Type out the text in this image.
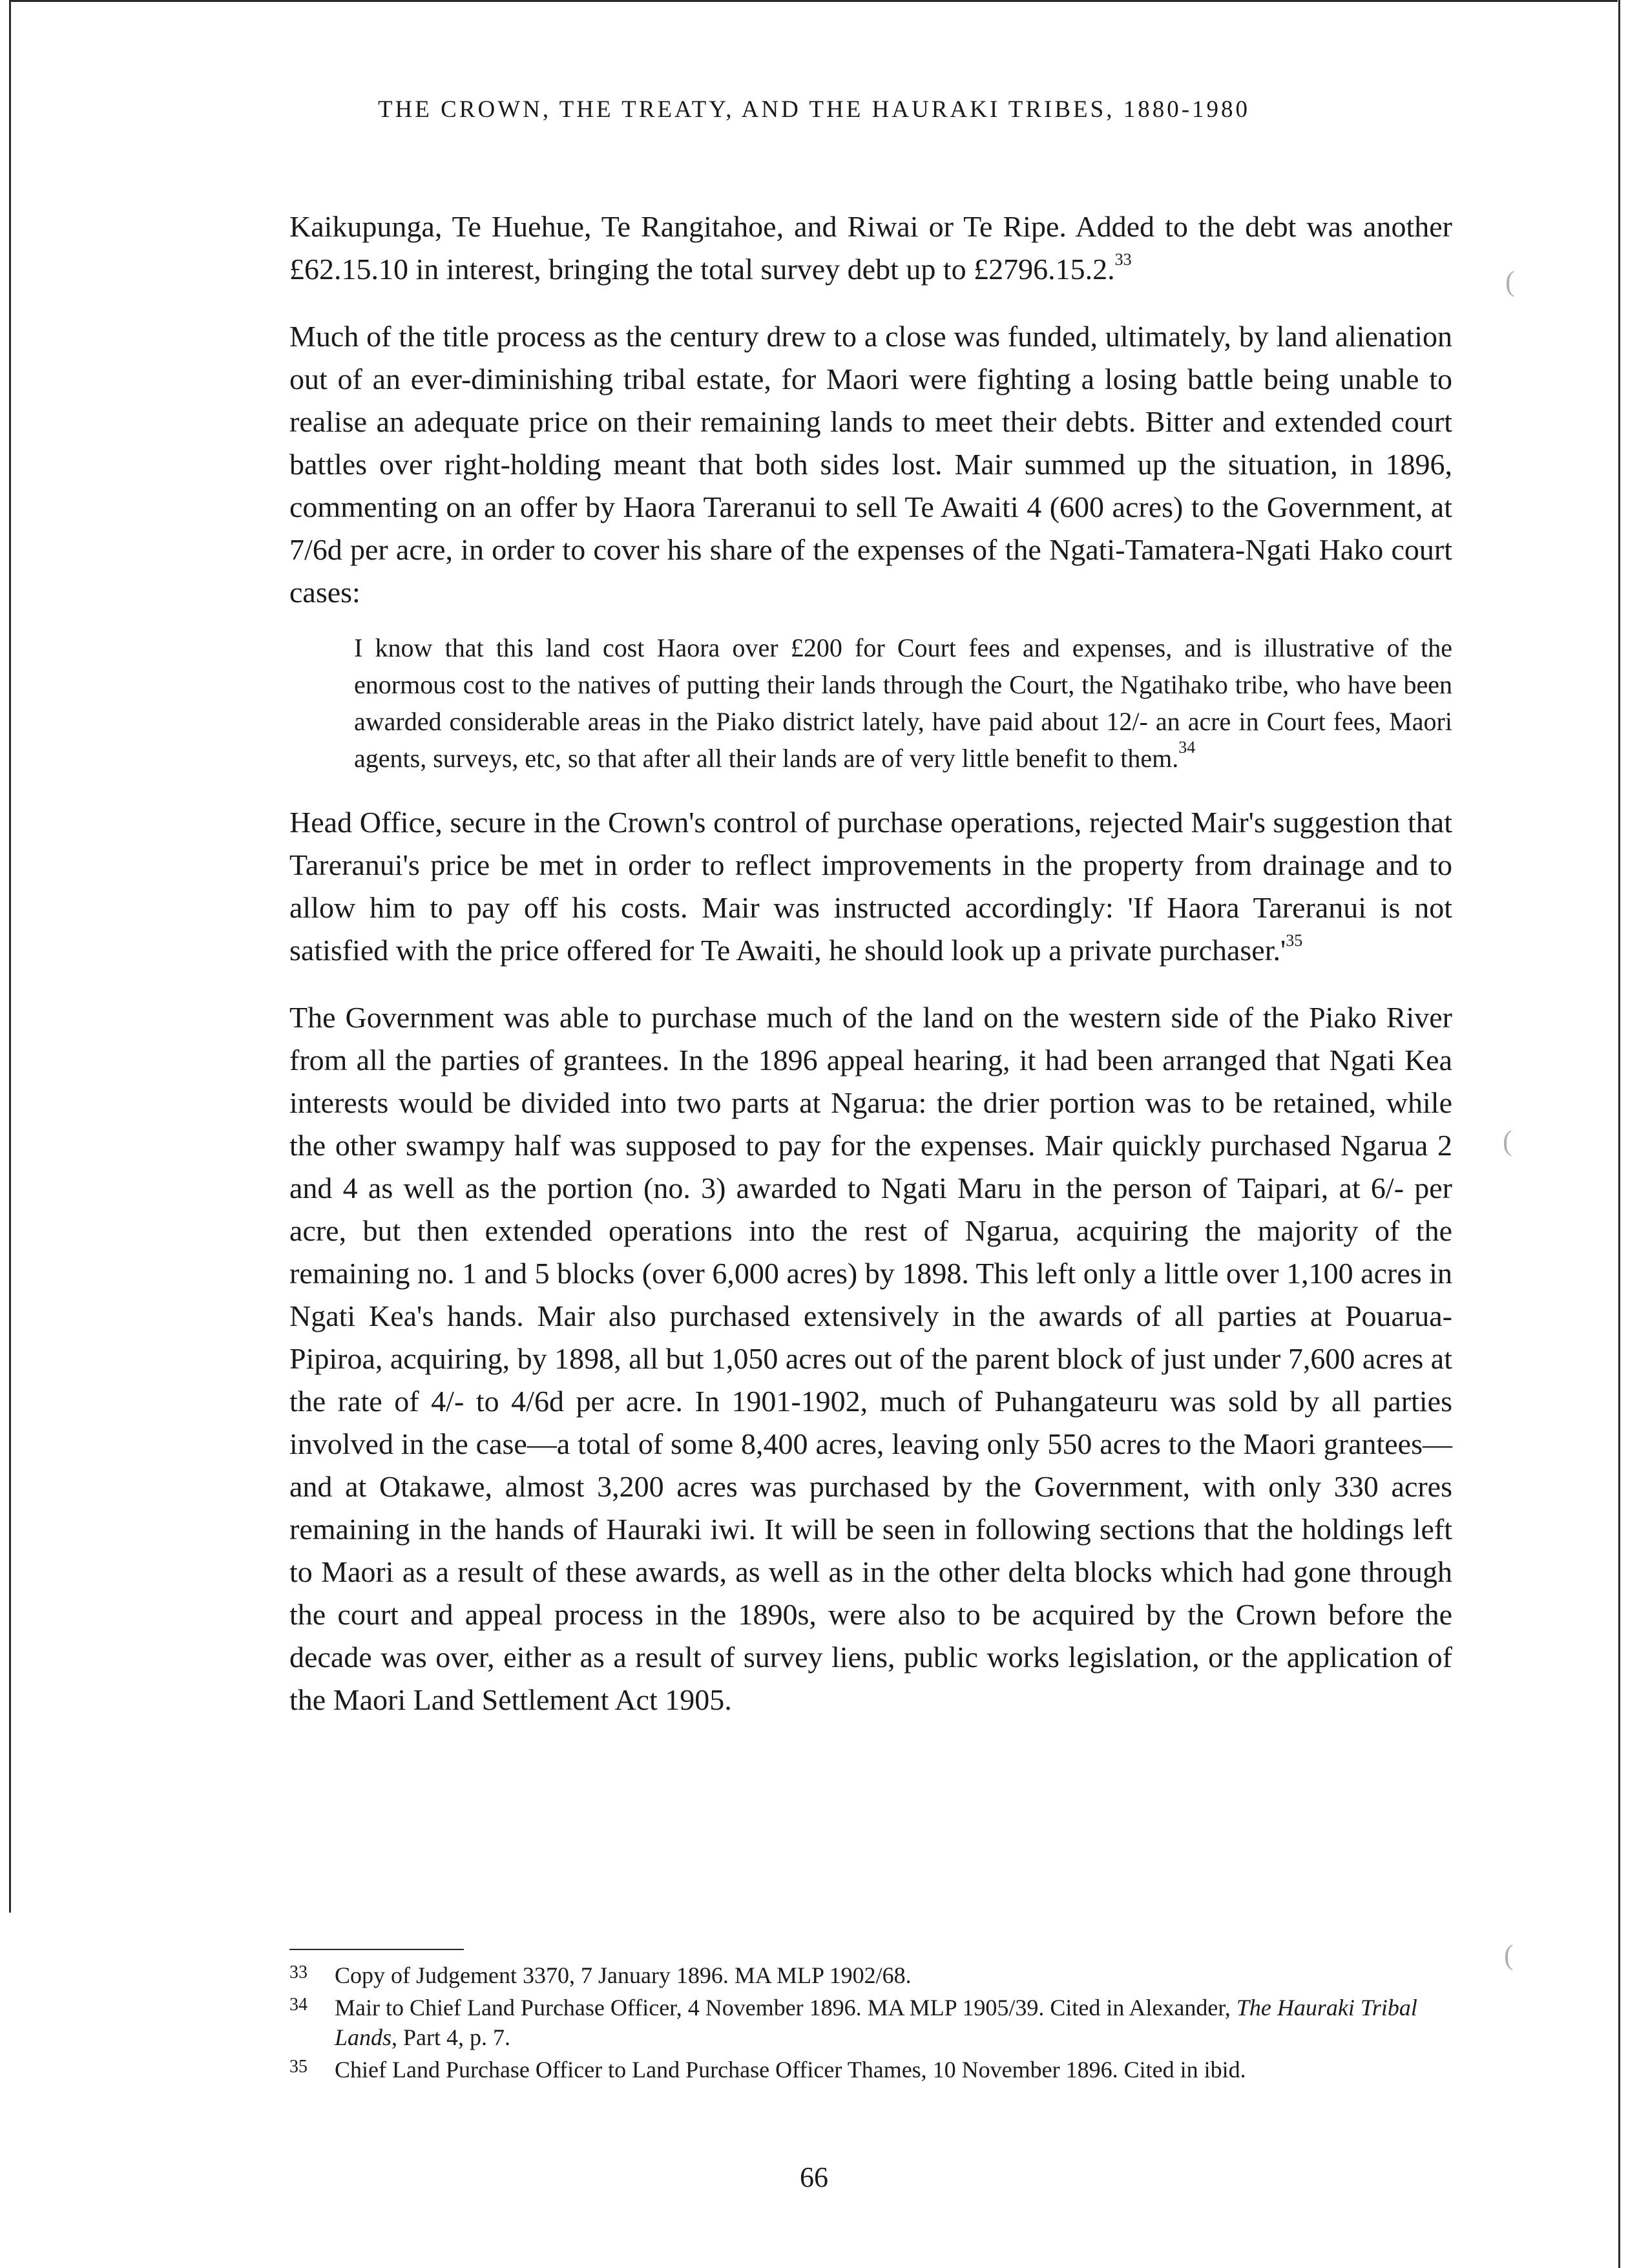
(
(
(
THE CROWN, THE TREATY, AND THE HAURAKI TRIBES, 1880-1980

Kaikupunga, Te Huehue, Te Rangitahoe, and Riwai or Te Ripe. Added to the debt was another £62.15.10 in interest, bringing the total survey debt up to £2796.15.2.33

Much of the title process as the century drew to a close was funded, ultimately, by land alienation out of an ever-diminishing tribal estate, for Maori were fighting a losing battle being unable to realise an adequate price on their remaining lands to meet their debts. Bitter and extended court battles over right-holding meant that both sides lost. Mair summed up the situation, in 1896, commenting on an offer by Haora Tareranui to sell Te Awaiti 4 (600 acres) to the Government, at 7/6d per acre, in order to cover his share of the expenses of the Ngati-Tamatera-Ngati Hako court cases:

I know that this land cost Haora over £200 for Court fees and expenses, and is illustrative of the enormous cost to the natives of putting their lands through the Court, the Ngatihako tribe, who have been awarded considerable areas in the Piako district lately, have paid about 12/- an acre in Court fees, Maori agents, surveys, etc, so that after all their lands are of very little benefit to them.$^{34}$

Head Office, secure in the Crown's control of purchase operations, rejected Mair's suggestion that Tareranui's price be met in order to reflect improvements in the property from drainage and to allow him to pay off his costs. Mair was instructed accordingly: 'If Haora Tareranui is not satisfied with the price offered for Te Awaiti, he should look up a private $purchaser.'^{35}$

The Government was able to purchase much of the land on the western side of the Piako River from all the parties of grantees. In the 1896 appeal hearing, it had been arranged that Ngati Kea interests would be divided into two parts at Ngarua: the drier portion was to be retained, while the other swampy half was supposed to pay for the expenses. Mair quickly purchased Ngarua 2 and 4 as well as the portion (no. 3) awarded to Ngati Maru in the person of Taipari, at 6/- per acre, but then extended operations into the rest of Ngarua, acquiring the majority of the remaining no. 1 and 5 blocks (over 6,000 acres) by 1898. This left only a little over 1,100 acres in Ngati Kea's hands. Mair also purchased extensively in the awards of all parties at Pouarua-Pipiroa, acquiring, by 1898, all but 1,050 acres out of the parent block of just under 7,600 acres at the rate of 4/- to 4/6d per acre. In 1901-1902, much of Puhangateuru was sold by all parties involved in the case—a total of some 8,400 acres, leaving only 550 acres to the Maori grantees—and at Otakawe, almost 3,200 acres was purchased by the Government, with only 330 acres remaining in the hands of Hauraki iwi. It will be seen in following sections that the holdings left to Maori as a result of these awards, as well as in the other delta blocks which had gone through the court and appeal process in the 1890s, were also to be acquired by the Crown before the decade was over, either as a result of survey liens, public works legislation, or the application of the Maori Land Settlement Act 1905.

33 Copy of Judgement 3370, 7 January 1896. MA MLP 1902/68.
34 Mair to Chief Land Purchase Officer, 4 November 1896. MA MLP 1905/39. Cited in Alexander, The Hauraki Tribal Lands, Part 4, p. 7.
35 Chief Land Purchase Officer to Land Purchase Officer Thames, 10 November 1896. Cited in ibid.
66
